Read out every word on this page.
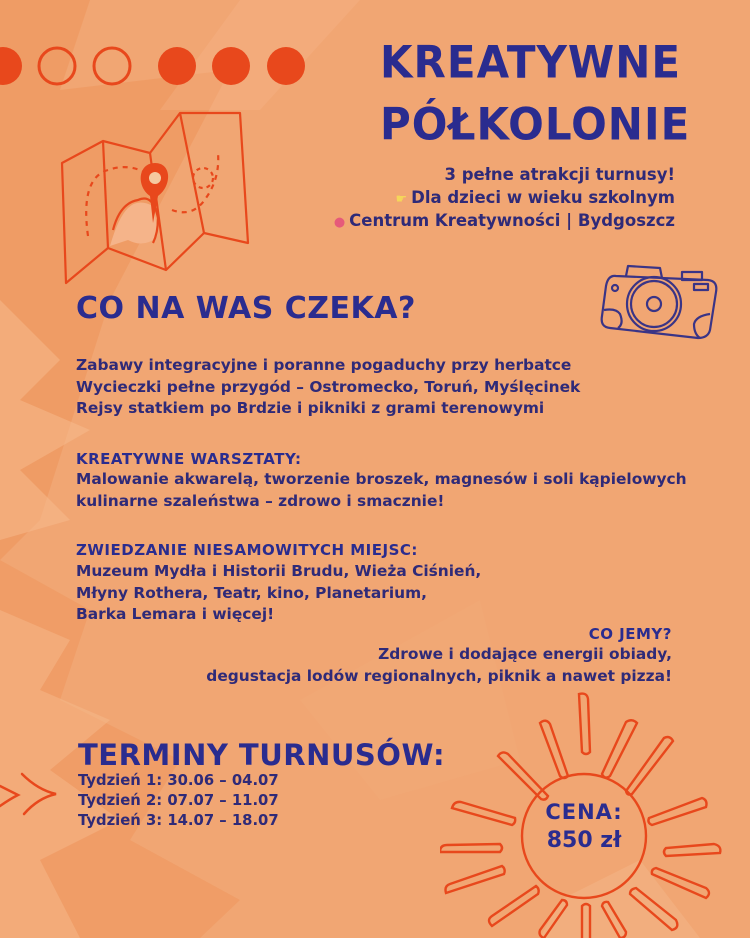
KREATYWNE
PÓŁKOLONIE
3 pełne atrakcji turnusy!
☛ Dla dzieci w wieku szkolnym
● Centrum Kreatywności | Bydgoszcz
CO NA WAS CZEKA?
Zabawy integracyjne i poranne pogaduchy przy herbatce
Wycieczki pełne przygód – Ostromecko, Toruń, Myślęcinek
Rejsy statkiem po Brdzie i pikniki z grami terenowymi
KREATYWNE WARSZTATY:
Malowanie akwarelą, tworzenie broszek, magnesów i soli kąpielowych
kulinarne szaleństwa – zdrowo i smacznie!
ZWIEDZANIE NIESAMOWITYCH MIEJSC:
Muzeum Mydła i Historii Brudu, Wieża Ciśnień,
Młyny Rothera, Teatr, kino, Planetarium,
Barka Lemara i więcej!
CO JEMY?
Zdrowe i dodające energii obiady,
degustacja lodów regionalnych, piknik a nawet pizza!
TERMINY TURNUSÓW:
Tydzień 1: 30.06 – 04.07
Tydzień 2: 07.07 – 11.07
Tydzień 3: 14.07 – 18.07	CENA:
850 zł
